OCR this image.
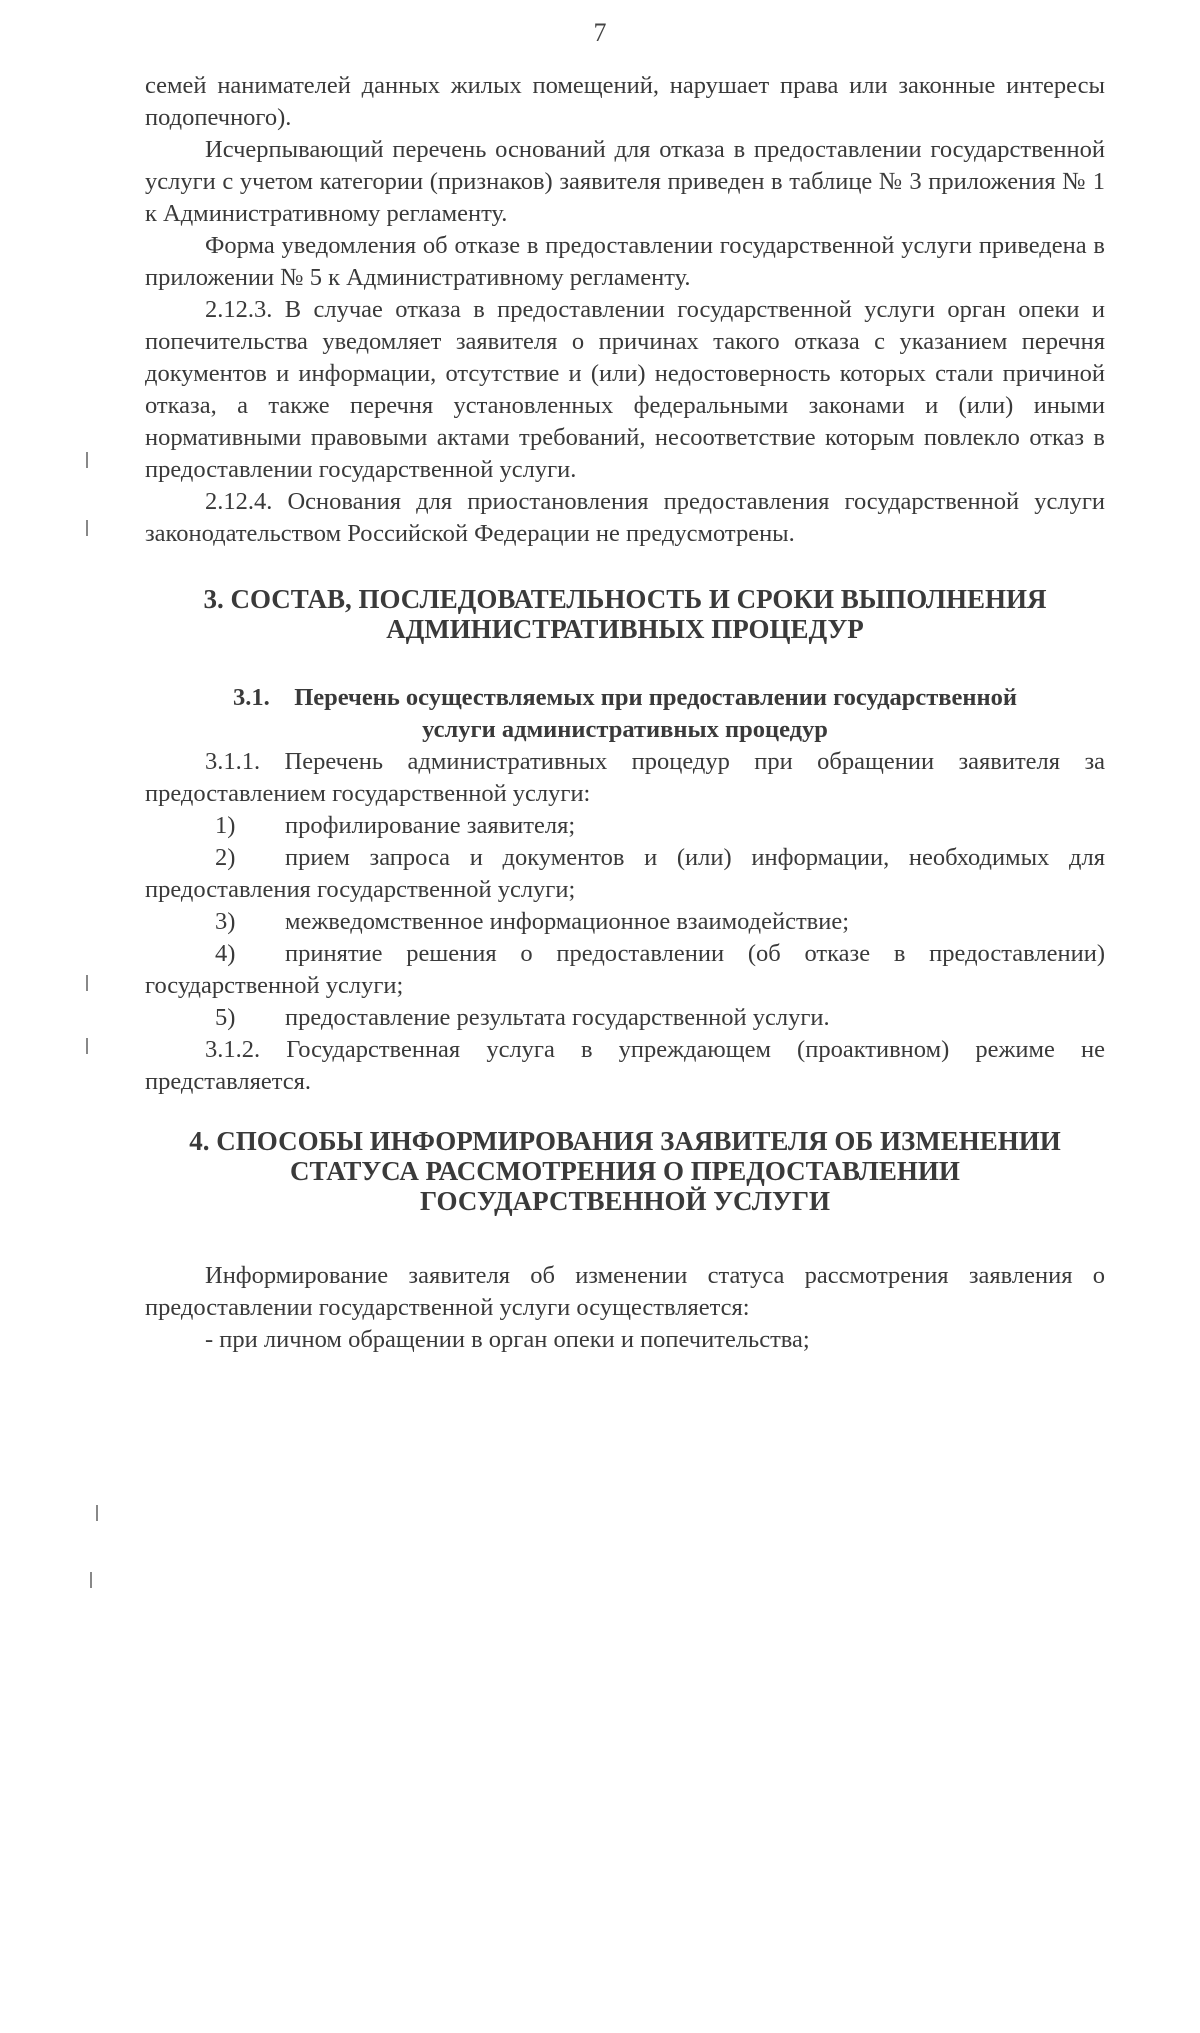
7

семей нанимателей данных жилых помещений, нарушает права или законные интересы подопечного).

Исчерпывающий перечень оснований для отказа в предоставлении государственной услуги с учетом категории (признаков) заявителя приведен в таблице № 3 приложения № 1 к Административному регламенту.

Форма уведомления об отказе в предоставлении государственной услуги приведена в приложении № 5 к Административному регламенту.

2.12.3. В случае отказа в предоставлении государственной услуги орган опеки и попечительства уведомляет заявителя о причинах такого отказа с указанием перечня документов и информации, отсутствие и (или) недостоверность которых стали причиной отказа, а также перечня установленных федеральными законами и (или) иными нормативными правовыми актами требований, несоответствие которым повлекло отказ в предоставлении государственной услуги.

2.12.4. Основания для приостановления предоставления государственной услуги законодательством Российской Федерации не предусмотрены.

3. СОСТАВ, ПОСЛЕДОВАТЕЛЬНОСТЬ И СРОКИ ВЫПОЛНЕНИЯ

АДМИНИСТРАТИВНЫХ ПРОЦЕДУР

3.1. Перечень осуществляемых при предоставлении государственной

услуги административных процедур

3.1.1. Перечень административных процедур при обращении заявителя за предоставлением государственной услуги:

1)	профилирование заявителя;

2) прием запроса и документов и (или) информации, необходимых для предоставления государственной услуги;

3)	межведомственное информационное взаимодействие;

4) принятие решения о предоставлении (об отказе в предоставлении) государственной услуги;

5)	предоставление результата государственной услуги.

3.1.2. Государственная услуга в упреждающем (проактивном) режиме не представляется.

4. СПОСОБЫ ИНФОРМИРОВАНИЯ ЗАЯВИТЕЛЯ ОБ ИЗМЕНЕНИИ

СТАТУСА РАССМОТРЕНИЯ О ПРЕДОСТАВЛЕНИИ

ГОСУДАРСТВЕННОЙ УСЛУГИ

Информирование заявителя об изменении статуса рассмотрения заявления о предоставлении государственной услуги осуществляется:

- при личном обращении в орган опеки и попечительства;
